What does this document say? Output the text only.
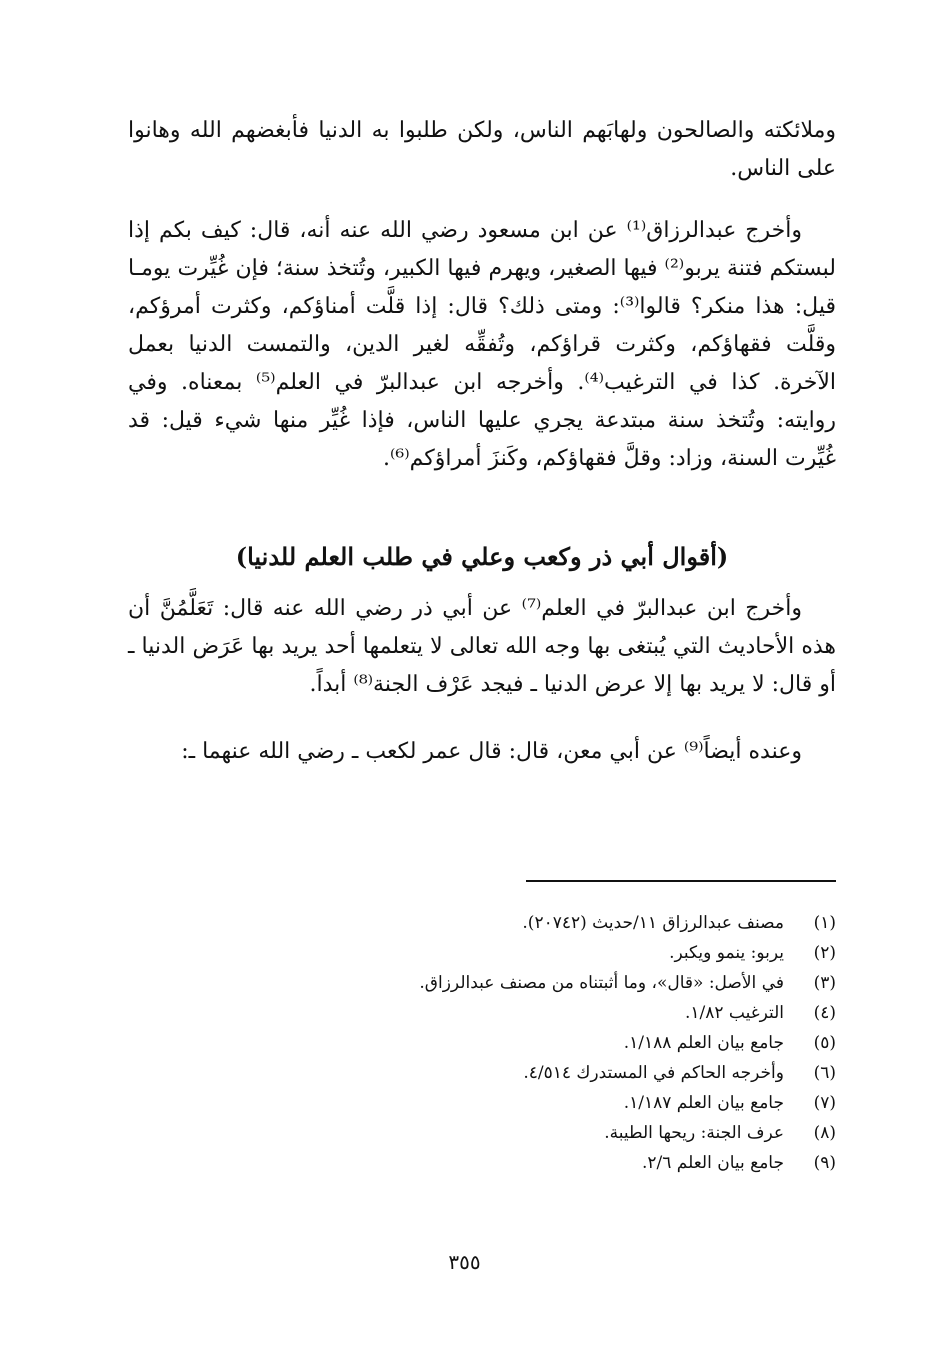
وملائكته والصالحون ولهابَهم الناس، ولكن طلبوا به الدنيا فأبغضهم الله وهانوا على الناس.

وأخرج عبدالرزاق⁽¹⁾ عن ابن مسعود رضي الله عنه أنه، قال: كيف بكم إذا لبستكم فتنة يربو⁽²⁾ فيها الصغير، ويهرم فيها الكبير، وتُتخذ سنة؛ فإن غُيِّرت يومـا قيل: هذا منكر؟ قالوا⁽³⁾: ومتى ذلك؟ قال: إذا قلَّت أمناؤكم، وكثرت أمرؤكم، وقلَّت فقهاؤكم، وكثرت قراؤكم، وتُفقِّه لغير الدين، والتمست الدنيا بعمل الآخرة. كذا في الترغيب⁽⁴⁾. وأخرجه ابن عبدالبرّ في العلم⁽⁵⁾ بمعناه. وفي روايته: وتُتخذ سنة مبتدعة يجري عليها الناس، فإذا غُيِّر منها شيء قيل: قد غُيِّرت السنة، وزاد: وقلَّ فقهاؤكم، وكَنزَ أمراؤكم⁽⁶⁾.

(أقوال أبي ذر وكعب وعلي في طلب العلم للدنيا)

وأخرج ابن عبدالبرّ في العلم⁽⁷⁾ عن أبي ذر رضي الله عنه قال: تَعَلَّمُنَّ أن هذه الأحاديث التي يُبتغى بها وجه الله تعالى لا يتعلمها أحد يريد بها عَرَض الدنيا ـ أو قال: لا يريد بها إلا عرض الدنيا ـ فيجد عَرْف الجنة⁽⁸⁾ أبداً.

وعنده أيضاً⁽⁹⁾ عن أبي معن، قال: قال عمر لكعب ـ رضي الله عنهما ـ:

(١)
مصنف عبدالرزاق ١١/حديث (٢٠٧٤٢).
(٢)
يربو: ينمو ويكبر.
(٣)
في الأصل: «قال»، وما أثبتناه من مصنف عبدالرزاق.
(٤)
الترغيب ١/٨٢.
(٥)
جامع بيان العلم ١/١٨٨.
(٦)
وأخرجه الحاكم في المستدرك ٤/٥١٤.
(٧)
جامع بيان العلم ١/١٨٧.
(٨)
عرف الجنة: ريحها الطيبة.
(٩)
جامع بيان العلم ٢/٦.
٣٥٥
